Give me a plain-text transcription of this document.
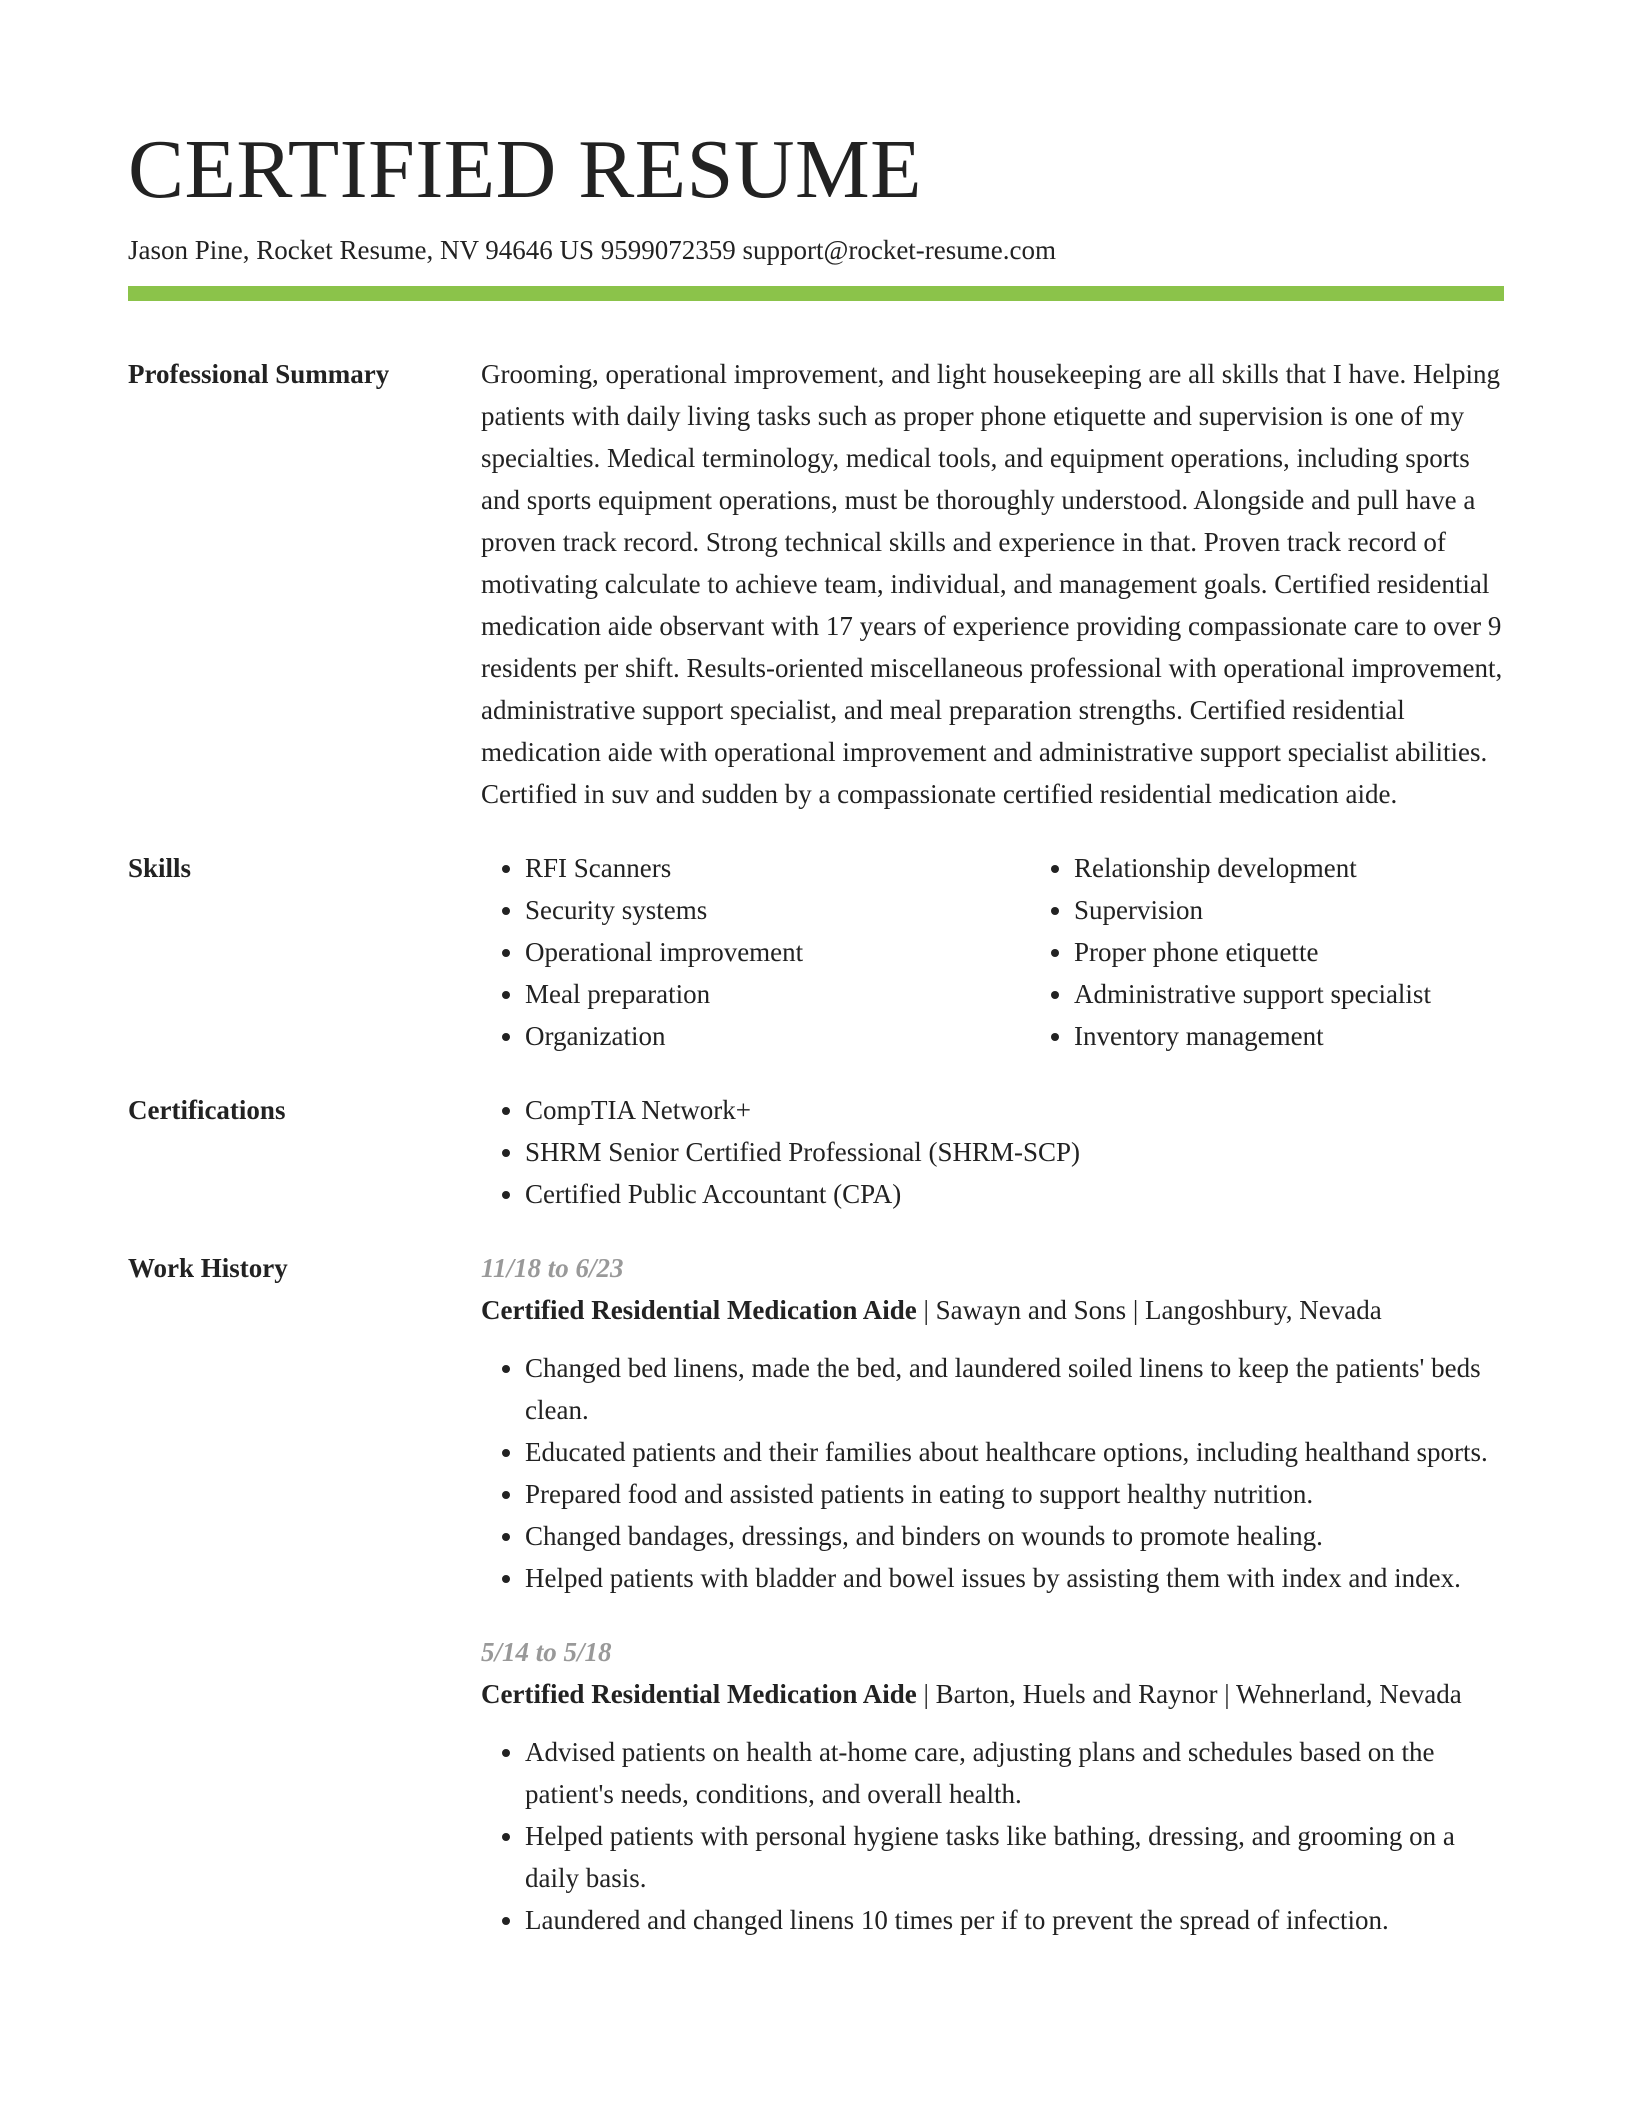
CERTIFIED RESUME
Jason Pine, Rocket Resume, NV 94646 US 9599072359 support@rocket-resume.com
Professional Summary	Grooming, operational improvement, and light housekeeping are all skills that I have. Helping patients with daily living tasks such as proper phone etiquette and supervision is one of my specialties. Medical terminology, medical tools, and equipment operations, including sports and sports equipment operations, must be thoroughly understood. Alongside and pull have a proven track record. Strong technical skills and experience in that. Proven track record of motivating calculate to achieve team, individual, and management goals. Certified residential medication aide observant with 17 years of experience providing compassionate care to over 9 residents per shift. Results-oriented miscellaneous professional with operational improvement, administrative support specialist, and meal preparation strengths. Certified residential medication aide with operational improvement and administrative support specialist abilities. Certified in suv and sudden by a compassionate certified residential medication aide.

Skills	• RFI Scanners
• Security systems
• Operational improvement
• Meal preparation
• Organization
• Relationship development
• Supervision
• Proper phone etiquette
• Administrative support specialist
• Inventory management
Certifications	• CompTIA Network+
• SHRM Senior Certified Professional (SHRM-SCP)
• Certified Public Accountant (CPA)
Work History	11/18 to 6/23

Certified Residential Medication Aide | Sawayn and Sons | Langoshbury, Nevada

• Changed bed linens, made the bed, and laundered soiled linens to keep the patients' beds clean.
• Educated patients and their families about healthcare options, including healthand sports.
• Prepared food and assisted patients in eating to support healthy nutrition.
• Changed bandages, dressings, and binders on wounds to promote healing.
• Helped patients with bladder and bowel issues by assisting them with index and index.
5/14 to 5/18

Certified Residential Medication Aide | Barton, Huels and Raynor | Wehnerland, Nevada

• Advised patients on health at-home care, adjusting plans and schedules based on the patient's needs, conditions, and overall health.
• Helped patients with personal hygiene tasks like bathing, dressing, and grooming on a daily basis.
• Laundered and changed linens 10 times per if to prevent the spread of infection.
